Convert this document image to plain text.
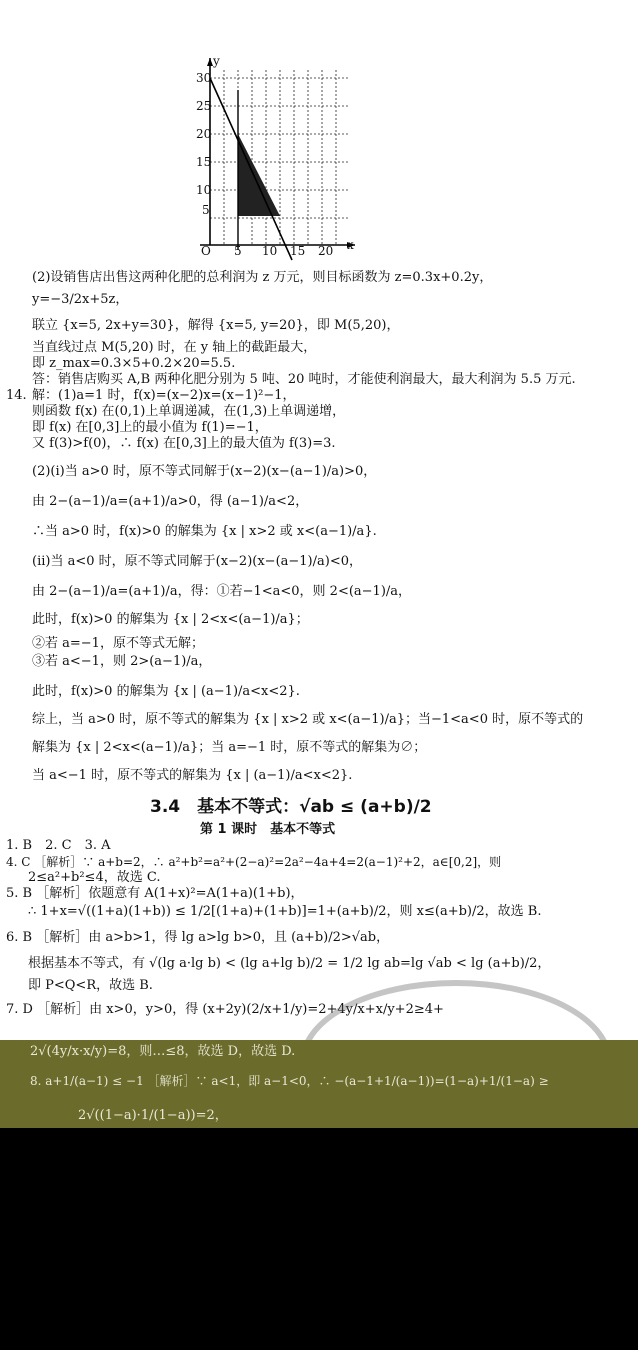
y
x
O
30
25
20
15
10
5
5 10 15 20
(2)设销售店出售这两种化肥的总利润为 z 万元，则目标函数为 z=0.3x+0.2y，
y=−3/2x+5z，
联立 {x=5, 2x+y=30}，解得 {x=5, y=20}，即 M(5,20)，
当直线过点 M(5,20) 时，在 y 轴上的截距最大，
即 z_max=0.3×5+0.2×20=5.5.
答：销售店购买 A,B 两种化肥分别为 5 吨、20 吨时，才能使利润最大，最大利润为 5.5 万元.
14. 解：(1)a=1 时，f(x)=(x−2)x=(x−1)²−1，
则函数 f(x) 在(0,1)上单调递减，在(1,3)上单调递增，
即 f(x) 在[0,3]上的最小值为 f(1)=−1，
又 f(3)>f(0)，∴ f(x) 在[0,3]上的最大值为 f(3)=3.
(2)(i)当 a>0 时，原不等式同解于(x−2)(x−(a−1)/a)>0，
由 2−(a−1)/a=(a+1)/a>0，得 (a−1)/a<2，
∴当 a>0 时，f(x)>0 的解集为 {x | x>2 或 x<(a−1)/a}.
(ii)当 a<0 时，原不等式同解于(x−2)(x−(a−1)/a)<0，
由 2−(a−1)/a=(a+1)/a，得：①若−1<a<0，则 2<(a−1)/a，
此时，f(x)>0 的解集为 {x | 2<x<(a−1)/a}；
②若 a=−1，原不等式无解；
③若 a<−1，则 2>(a−1)/a，
此时，f(x)>0 的解集为 {x | (a−1)/a<x<2}.
综上，当 a>0 时，原不等式的解集为 {x | x>2 或 x<(a−1)/a}；当−1<a<0 时，原不等式的
解集为 {x | 2<x<(a−1)/a}；当 a=−1 时，原不等式的解集为∅；
当 a<−1 时，原不等式的解集为 {x | (a−1)/a<x<2}.
3.4　基本不等式：√ab ≤ (a+b)/2
第 1 课时　基本不等式
1. B　2. C　3. A
4. C ［解析］∵ a+b=2，∴ a²+b²=a²+(2−a)²=2a²−4a+4=2(a−1)²+2，a∈[0,2]，则
2≤a²+b²≤4，故选 C.
5. B ［解析］依题意有 A(1+x)²=A(1+a)(1+b)，
∴ 1+x=√((1+a)(1+b)) ≤ 1/2[(1+a)+(1+b)]=1+(a+b)/2，则 x≤(a+b)/2，故选 B.
6. B ［解析］由 a>b>1，得 lg a>lg b>0，且 (a+b)/2>√ab，
根据基本不等式，有 √(lg a·lg b) < (lg a+lg b)/2 = 1/2 lg ab=lg √ab < lg (a+b)/2，
即 P<Q<R，故选 B.
7. D ［解析］由 x>0，y>0，得 (x+2y)(2/x+1/y)=2+4y/x+x/y+2≥4+
2√(4y/x·x/y)=8，则…≤8，故选 D，故选 D.
8. a+1/(a−1) ≤ −1 ［解析］∵ a<1，即 a−1<0，∴ −(a−1+1/(a−1))=(1−a)+1/(1−a) ≥
2√((1−a)·1/(1−a))=2，
